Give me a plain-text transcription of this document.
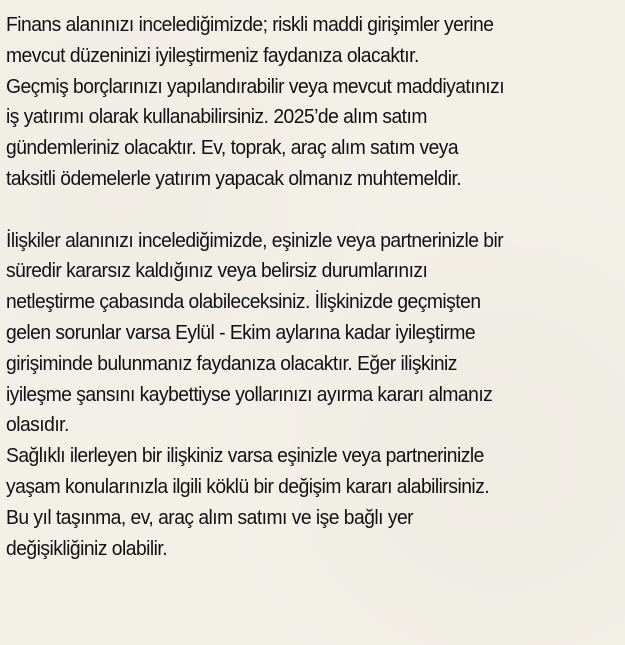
Finans alanınızı incelediğimizde; riskli maddi girişimler yerine
mevcut düzeninizi iyileştirmeniz faydanıza olacaktır.
Geçmiş borçlarınızı yapılandırabilir veya mevcut maddiyatınızı
iş yatırımı olarak kullanabilirsiniz. 2025’de alım satım
gündemleriniz olacaktır. Ev, toprak, araç alım satım veya
taksitli ödemelerle yatırım yapacak olmanız muhtemeldir.
İlişkiler alanınızı incelediğimizde, eşinizle veya partnerinizle bir
süredir kararsız kaldığınız veya belirsiz durumlarınızı
netleştirme çabasında olabileceksiniz. İlişkinizde geçmişten
gelen sorunlar varsa Eylül - Ekim aylarına kadar iyileştirme
girişiminde bulunmanız faydanıza olacaktır. Eğer ilişkiniz
iyileşme şansını kaybettiyse yollarınızı ayırma kararı almanız
olasıdır.
Sağlıklı ilerleyen bir ilişkiniz varsa eşinizle veya partnerinizle
yaşam konularınızla ilgili köklü bir değişim kararı alabilirsiniz.
Bu yıl taşınma, ev, araç alım satımı ve işe bağlı yer
değişikliğiniz olabilir.
